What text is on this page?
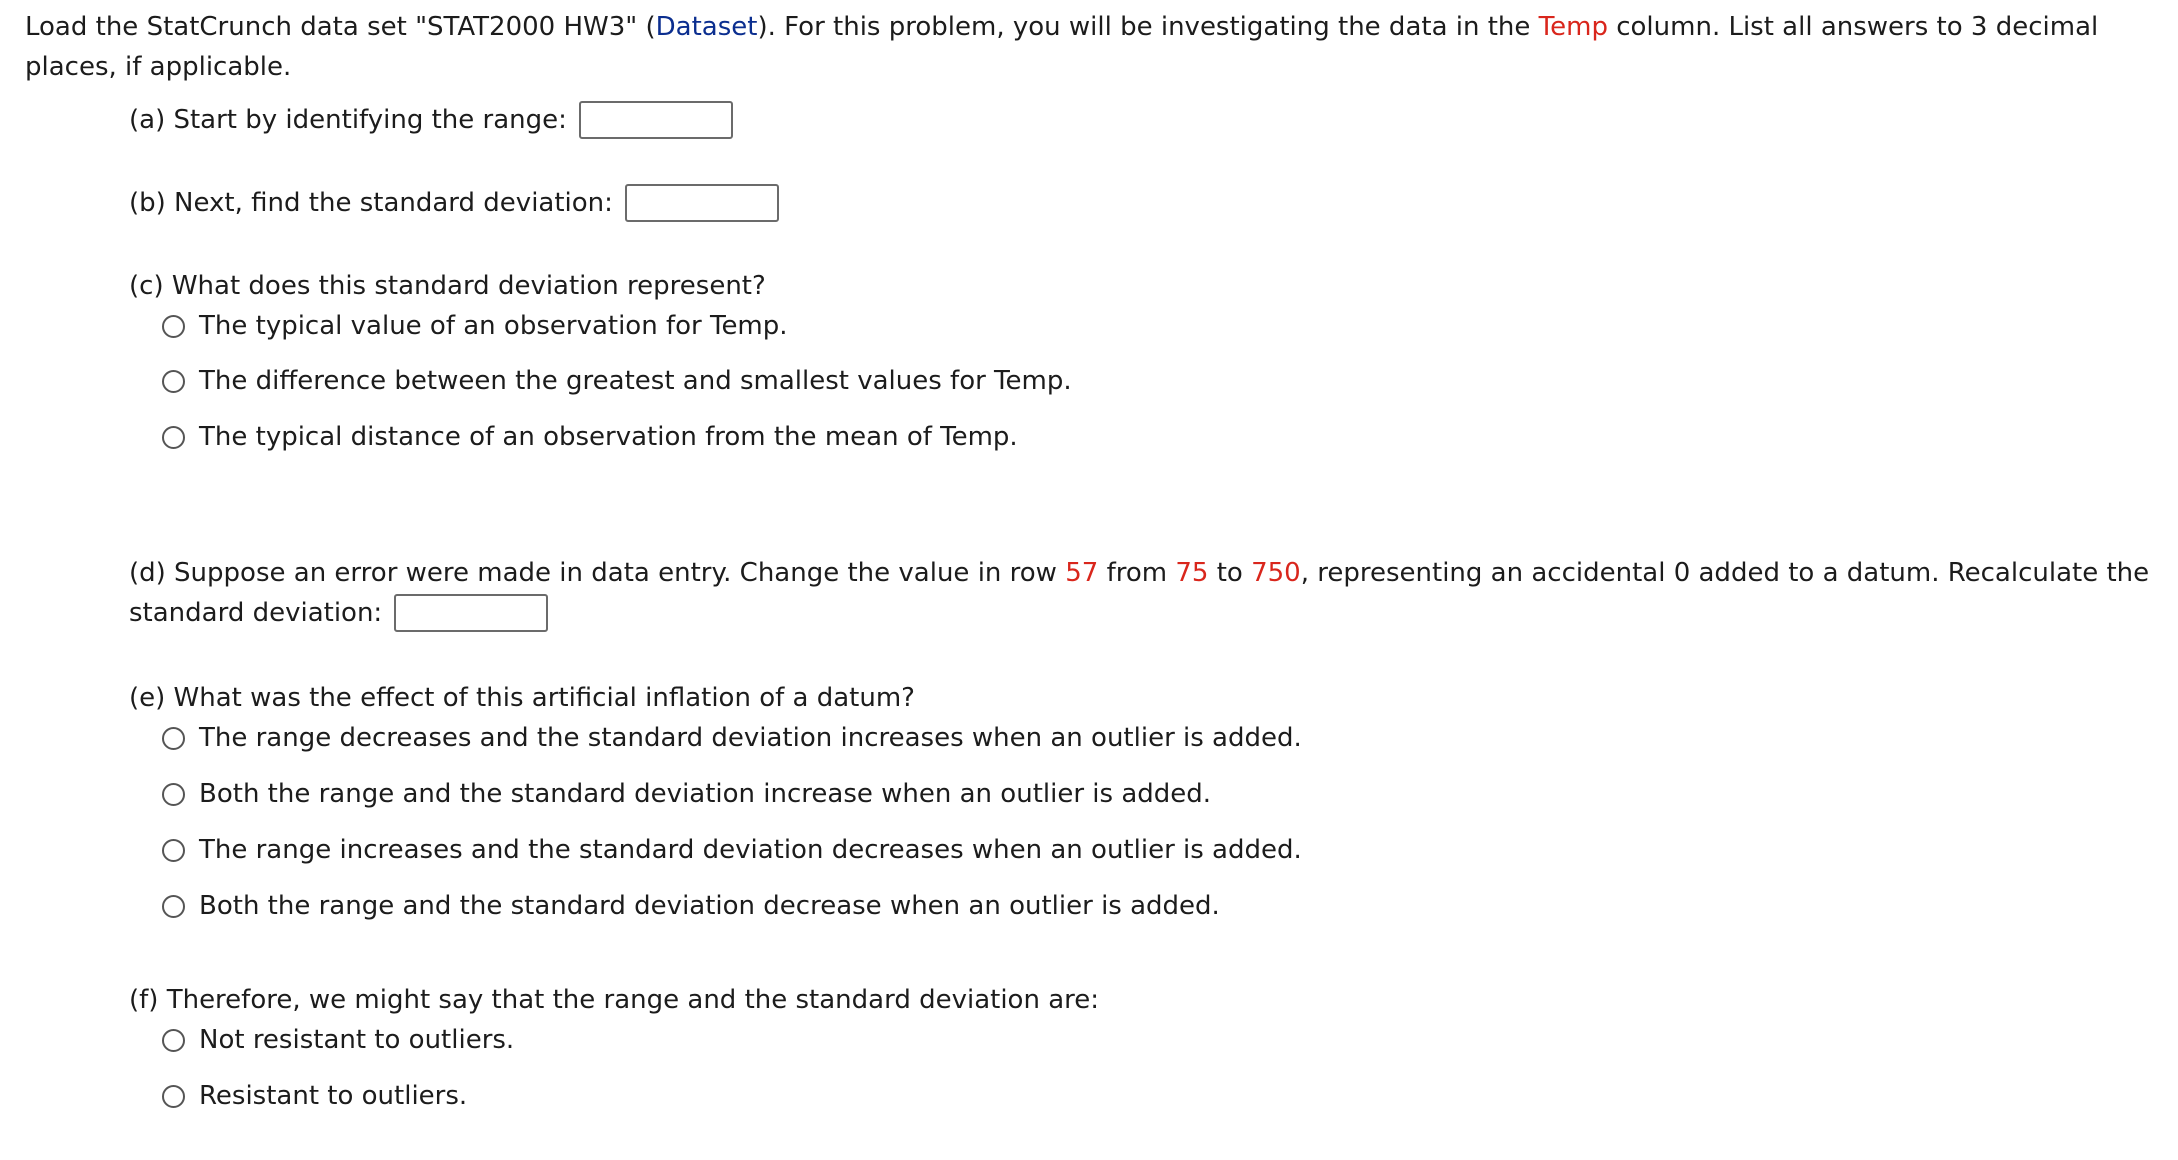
Load the StatCrunch data set "STAT2000 HW3" (Dataset). For this problem, you will be investigating the data in the Temp column. List all answers to 3 decimal places, if applicable.
(a) Start by identifying the range:
(b) Next, find the standard deviation:
(c) What does this standard deviation represent?
The typical value of an observation for Temp.
The difference between the greatest and smallest values for Temp.
The typical distance of an observation from the mean of Temp.
(d) Suppose an error were made in data entry. Change the value in row 57 from 75 to 750, representing an accidental 0 added to a datum. Recalculate the
standard deviation:
(e) What was the effect of this artificial inflation of a datum?
The range decreases and the standard deviation increases when an outlier is added.
Both the range and the standard deviation increase when an outlier is added.
The range increases and the standard deviation decreases when an outlier is added.
Both the range and the standard deviation decrease when an outlier is added.
(f) Therefore, we might say that the range and the standard deviation are:
Not resistant to outliers.
Resistant to outliers.
